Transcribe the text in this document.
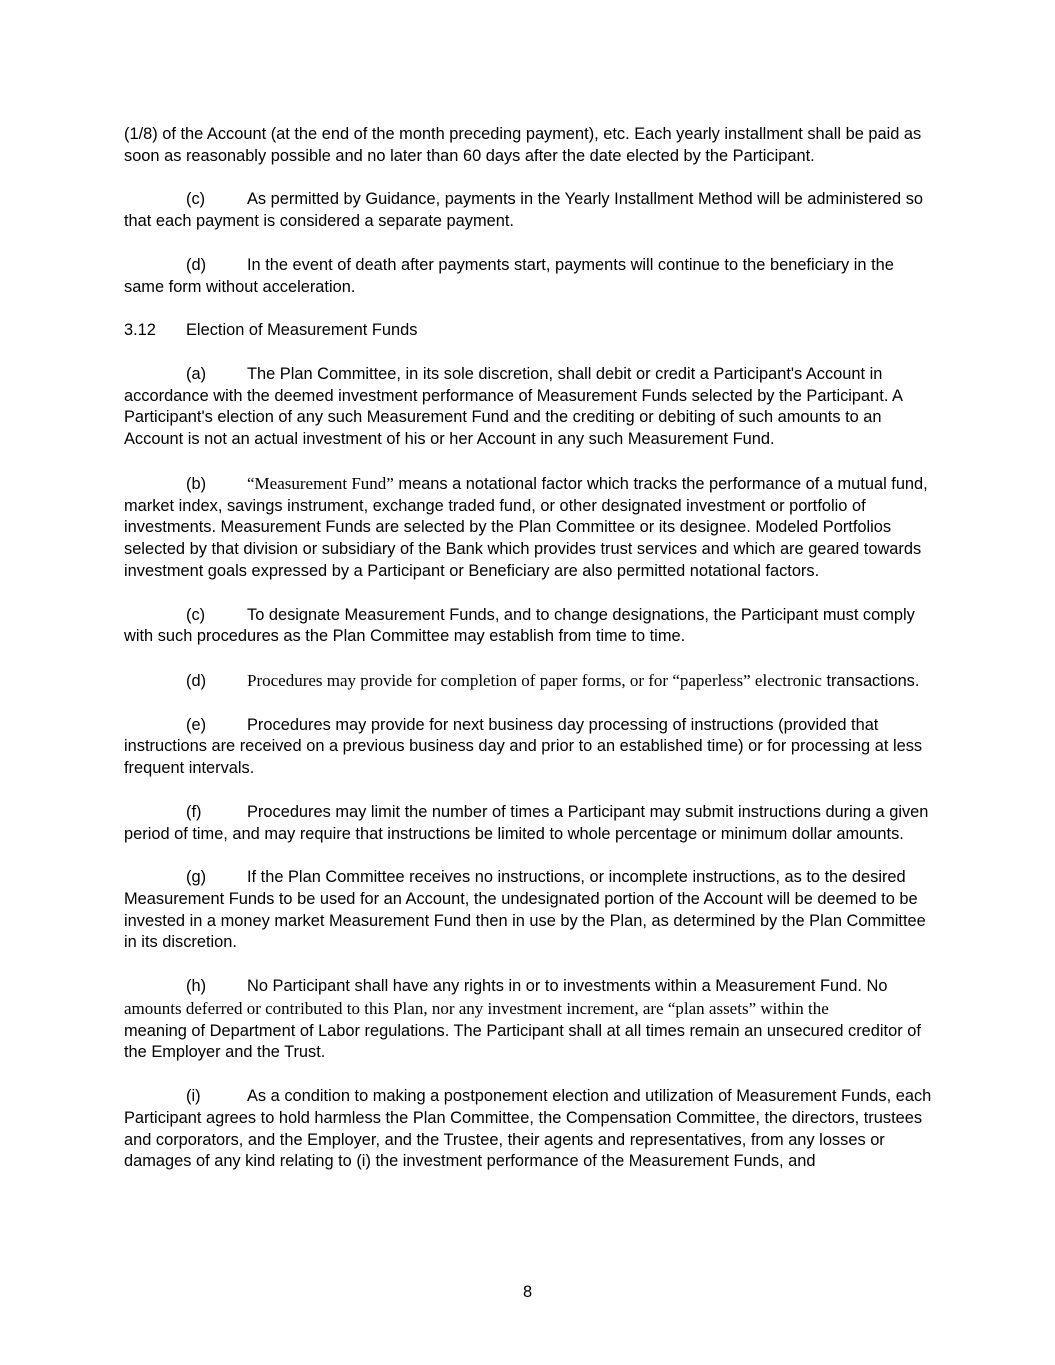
(1/8) of the Account (at the end of the month preceding payment), etc. Each yearly installment shall be paid as soon as reasonably possible and no later than 60 days after the date elected by the Participant.

(c)	As permitted by Guidance, payments in the Yearly Installment Method will be administered so that each payment is considered a separate payment.

(d) In the event of death after payments start, payments will continue to the beneficiary in the same form without acceleration.

3.12 Election of Measurement Funds

(a) The Plan Committee, in its sole discretion, shall debit or credit a Participant's Account in accordance with the deemed investment performance of Measurement Funds selected by the Participant. A Participant's election of any such Measurement Fund and the crediting or debiting of such amounts to an Account is not an actual investment of his or her Account in any such Measurement Fund.

(b) “Measurement Fund” means a notational factor which tracks the performance of a mutual fund, market index, savings instrument, exchange traded fund, or other designated investment or portfolio of investments. Measurement Funds are selected by the Plan Committee or its designee. Modeled Portfolios selected by that division or subsidiary of the Bank which provides trust services and which are geared towards investment goals expressed by a Participant or Beneficiary are also permitted notational factors.

(c)	To designate Measurement Funds, and to change designations, the Participant must comply with such procedures as the Plan Committee may establish from time to time.

(d) Procedures may provide for completion of paper forms, or for “paperless” electronic transactions.

(e) Procedures may provide for next business day processing of instructions (provided that instructions are received on a previous business day and prior to an established time) or for processing at less frequent intervals.

(f)	Procedures may limit the number of times a Participant may submit instructions during a given period of time, and may require that instructions be limited to whole percentage or minimum dollar amounts.

(g) If the Plan Committee receives no instructions, or incomplete instructions, as to the desired Measurement Funds to be used for an Account, the undesignated portion of the Account will be deemed to be invested in a money market Measurement Fund then in use by the Plan, as determined by the Plan Committee in its discretion.

(h) No Participant shall have any rights in or to investments within a Measurement Fund. No
amounts deferred or contributed to this Plan, nor any investment increment, are “plan assets” within the
meaning of Department of Labor regulations. The Participant shall at all times remain an unsecured creditor of the Employer and the Trust.

(i)	As a condition to making a postponement election and utilization of Measurement Funds, each Participant agrees to hold harmless the Plan Committee, the Compensation Committee, the directors, trustees and corporators, and the Employer, and the Trustee, their agents and representatives, from any losses or damages of any kind relating to (i) the investment performance of the Measurement Funds, and

8
